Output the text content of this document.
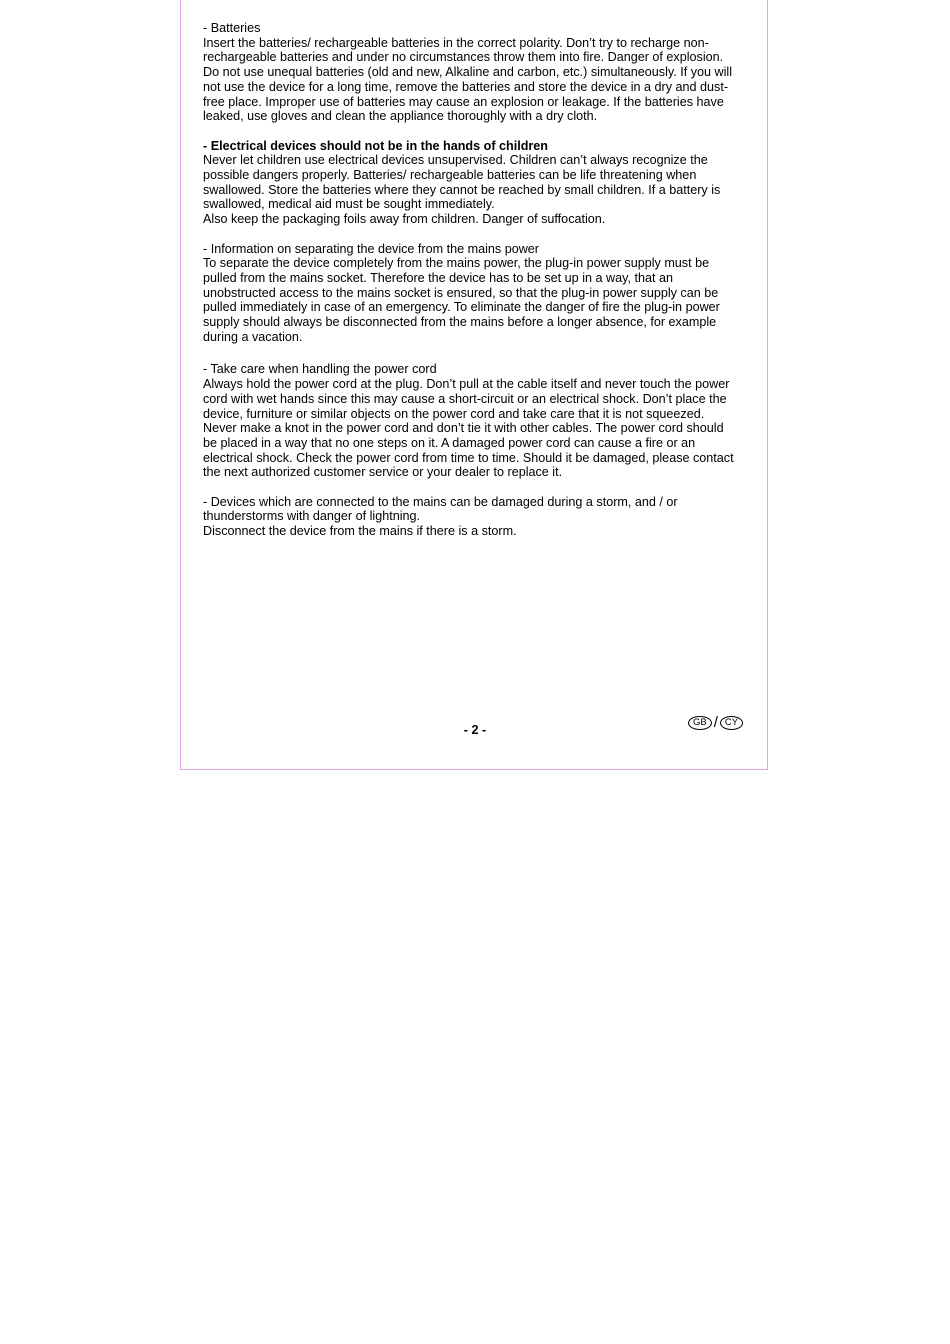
- Batteries

Insert the batteries/ rechargeable batteries in the correct polarity. Don’t try to recharge non-

rechargeable batteries and under no circumstances throw them into fire. Danger of explosion.

Do not use unequal batteries (old and new, Alkaline and carbon, etc.) simultaneously. If you will

not use the device for a long time, remove the batteries and store the device in a dry and dust-

free place. Improper use of batteries may cause an explosion or leakage. If the batteries have

leaked, use gloves and clean the appliance thoroughly with a dry cloth.

- Electrical devices should not be in the hands of children

Never let children use electrical devices unsupervised. Children can’t always recognize the

possible dangers properly. Batteries/ rechargeable batteries can be life threatening when

swallowed. Store the batteries where they cannot be reached by small children. If a battery is

swallowed, medical aid must be sought immediately.

Also keep the packaging foils away from children. Danger of suffocation.

- Information on separating the device from the mains power

To separate the device completely from the mains power, the plug-in power supply must be

pulled from the mains socket. Therefore the device has to be set up in a way, that an

unobstructed access to the mains socket is ensured, so that the plug-in power supply can be

pulled immediately in case of an emergency. To eliminate the danger of fire the plug-in power

supply should always be disconnected from the mains before a longer absence, for example

during a vacation.

- Take care when handling the power cord

Always hold the power cord at the plug. Don’t pull at the cable itself and never touch the power

cord with wet hands since this may cause a short-circuit or an electrical shock. Don’t place the

device, furniture or similar objects on the power cord and take care that it is not squeezed.

Never make a knot in the power cord and don’t tie it with other cables. The power cord should

be placed in a way that no one steps on it. A damaged power cord can cause a fire or an

electrical shock. Check the power cord from time to time. Should it be damaged, please contact

the next authorized customer service or your dealer to replace it.

- Devices which are connected to the mains can be damaged during a storm, and / or

thunderstorms with danger of lightning.

Disconnect the device from the mains if there is a storm.

- 2 -
GB / CY
